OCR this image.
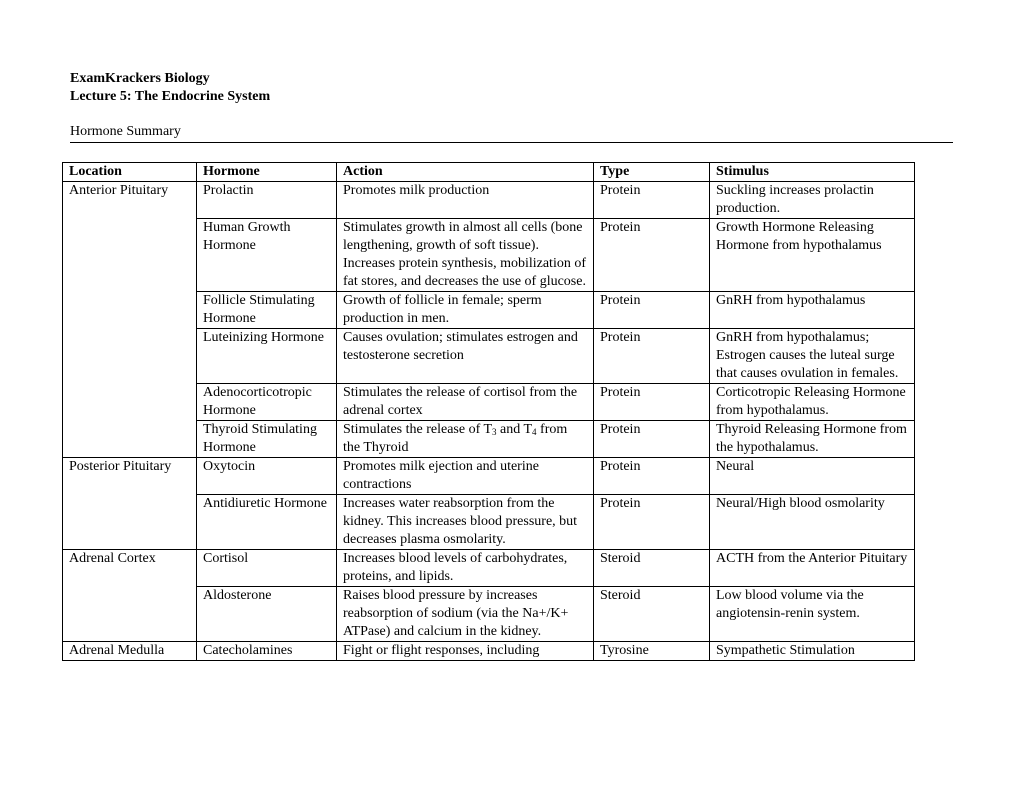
ExamKrackers Biology
Lecture 5: The Endocrine System
Hormone Summary
Location	Hormone	Action	Type	Stimulus
Anterior Pituitary	Prolactin	Promotes milk production	Protein	Suckling increases prolactin production.
	Human Growth Hormone	Stimulates growth in almost all cells (bone lengthening, growth of soft tissue). Increases protein synthesis, mobilization of fat stores, and decreases the use of glucose.	Protein	Growth Hormone Releasing Hormone from hypothalamus
	Follicle Stimulating Hormone	Growth of follicle in female; sperm production in men.	Protein	GnRH from hypothalamus
	Luteinizing Hormone	Causes ovulation; stimulates estrogen and testosterone secretion	Protein	GnRH from hypothalamus; Estrogen causes the luteal surge that causes ovulation in females.
	Adenocorticotropic Hormone	Stimulates the release of cortisol from the adrenal cortex	Protein	Corticotropic Releasing Hormone from hypothalamus.
	Thyroid Stimulating Hormone	Stimulates the release of $T_3$ and $T_4$ from the Thyroid	Protein	Thyroid Releasing Hormone from the hypothalamus.
Posterior Pituitary	Oxytocin	Promotes milk ejection and uterine contractions	Protein	Neural
	Antidiuretic Hormone	Increases water reabsorption from the kidney. This increases blood pressure, but decreases plasma osmolarity.	Protein	Neural/High blood osmolarity
Adrenal Cortex	Cortisol	Increases blood levels of carbohydrates, proteins, and lipids.	Steroid	ACTH from the Anterior Pituitary
	Aldosterone	Raises blood pressure by increases reabsorption of sodium (via the Na+/K+ ATPase) and calcium in the kidney.	Steroid	Low blood volume via the angiotensin-renin system.
Adrenal Medulla	Catecholamines	Fight or flight responses, including	Tyrosine	Sympathetic Stimulation
